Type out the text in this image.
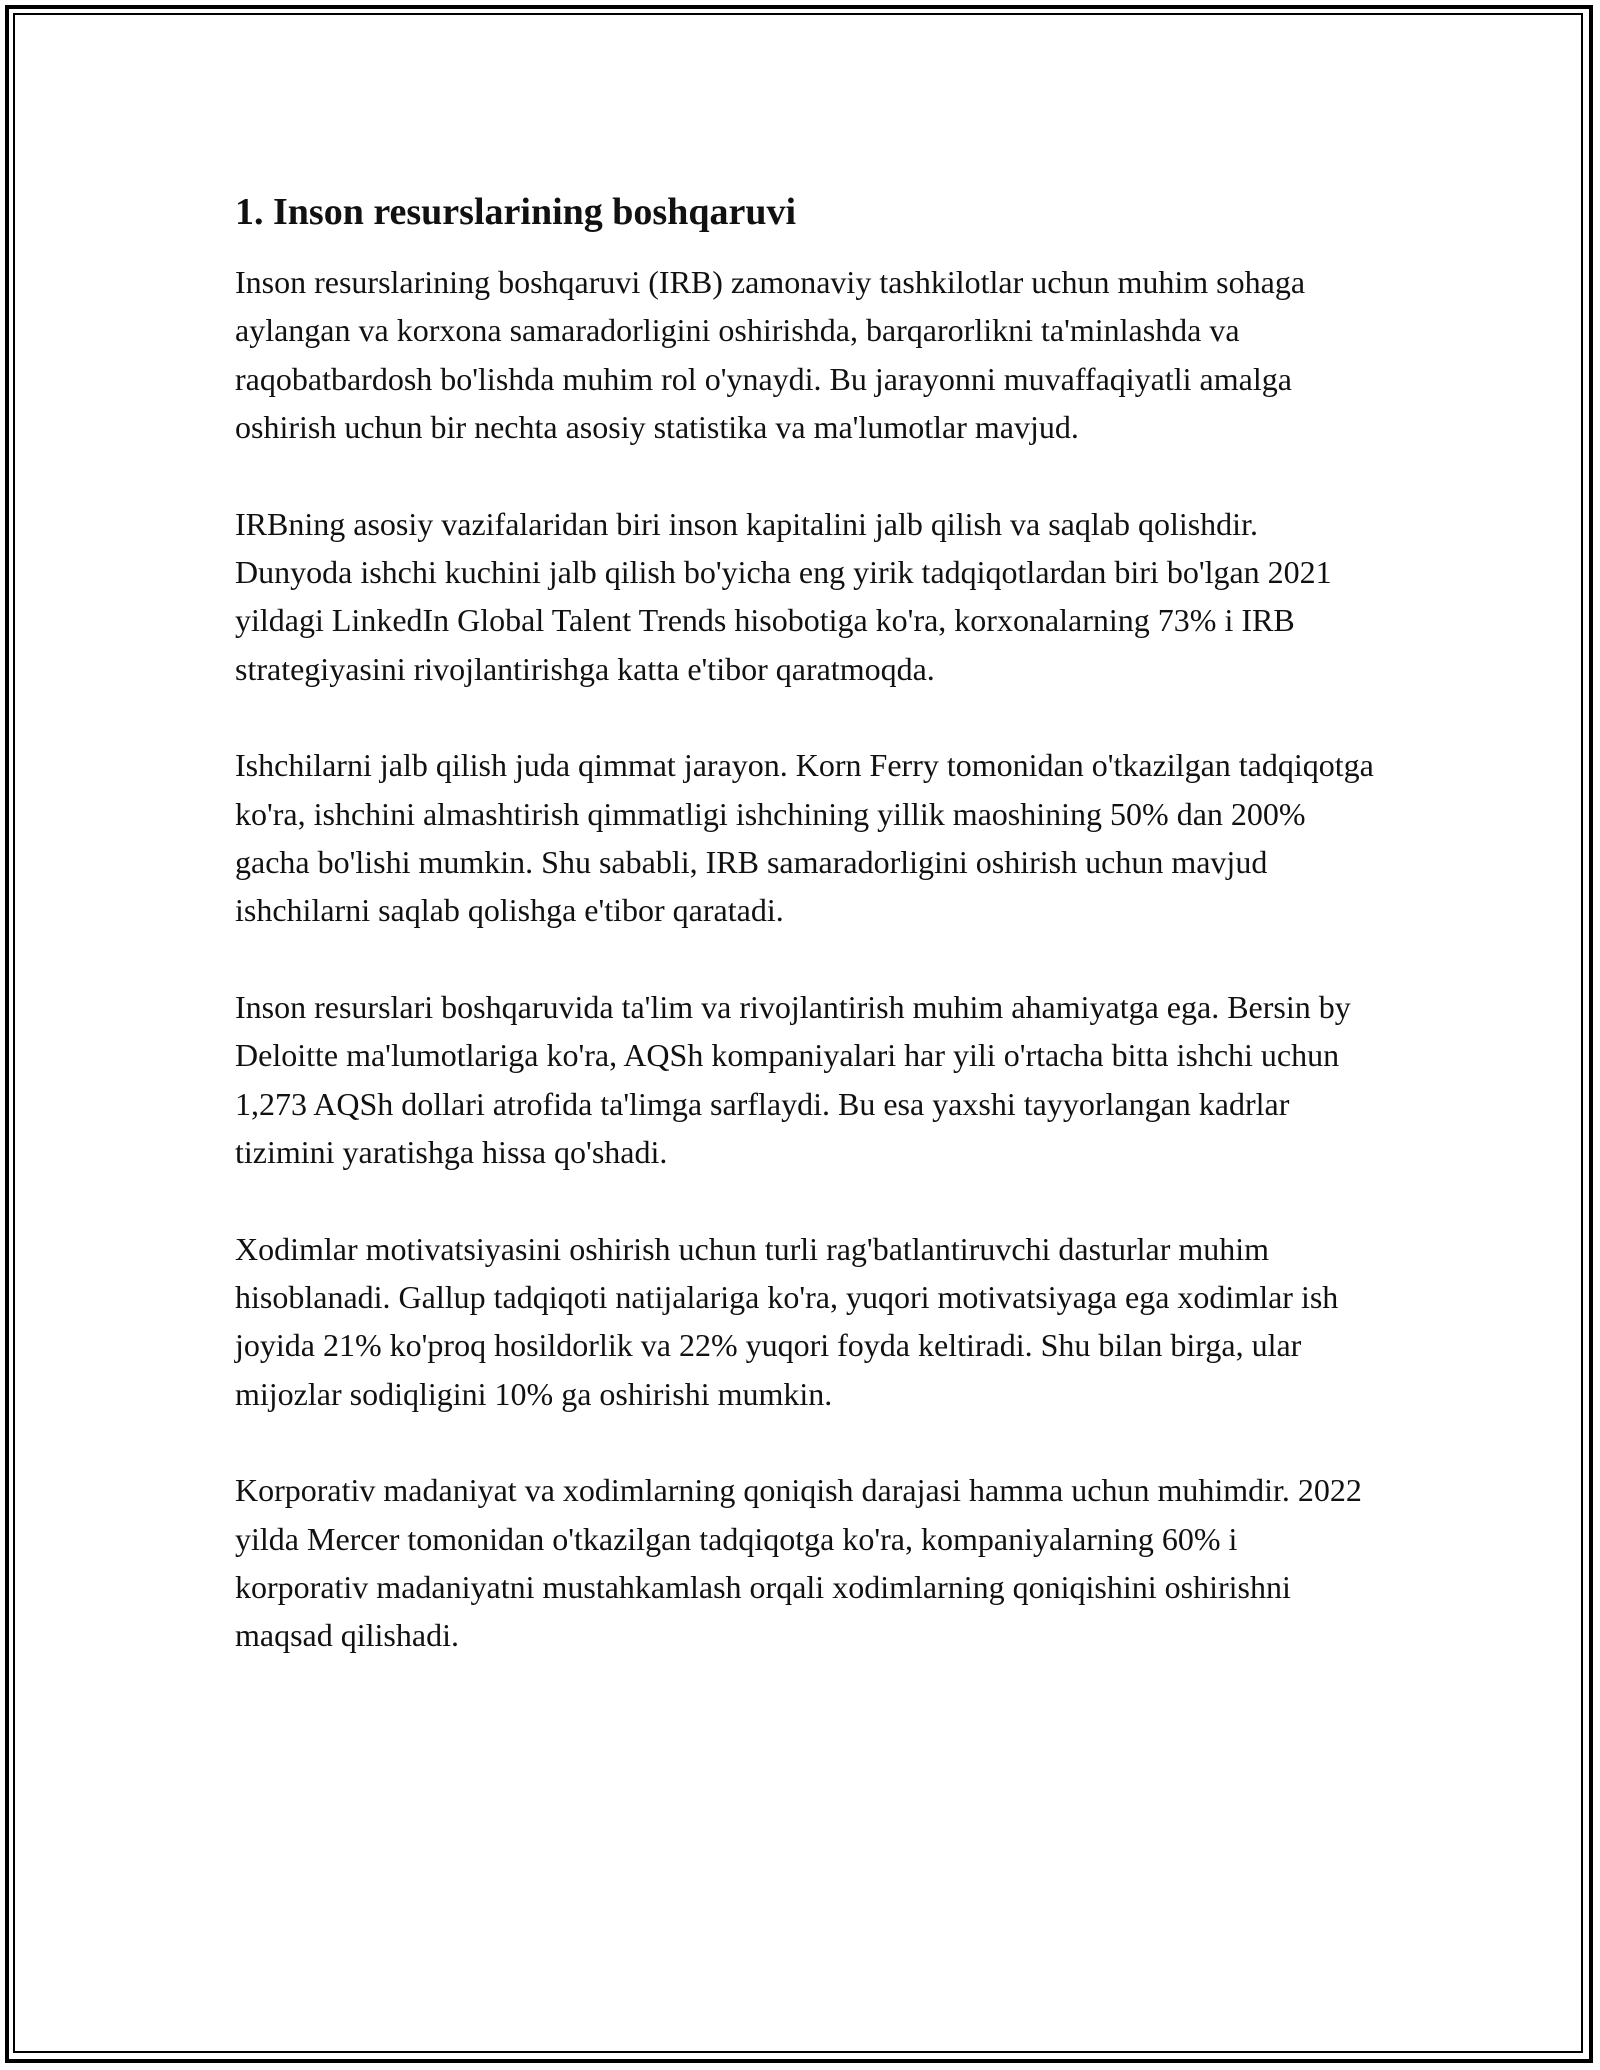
1. Inson resurslarining boshqaruvi

Inson resurslarining boshqaruvi (IRB) zamonaviy tashkilotlar uchun muhim sohaga aylangan va korxona samaradorligini oshirishda, barqarorlikni ta'minlashda va raqobatbardosh bo'lishda muhim rol o'ynaydi. Bu jarayonni muvaffaqiyatli amalga oshirish uchun bir nechta asosiy statistika va ma'lumotlar mavjud.

IRBning asosiy vazifalaridan biri inson kapitalini jalb qilish va saqlab qolishdir. Dunyoda ishchi kuchini jalb qilish bo'yicha eng yirik tadqiqotlardan biri bo'lgan 2021 yildagi LinkedIn Global Talent Trends hisobotiga ko'ra, korxonalarning 73% i IRB strategiyasini rivojlantirishga katta e'tibor qaratmoqda.

Ishchilarni jalb qilish juda qimmat jarayon. Korn Ferry tomonidan o'tkazilgan tadqiqotga ko'ra, ishchini almashtirish qimmatligi ishchining yillik maoshining 50% dan 200% gacha bo'lishi mumkin. Shu sababli, IRB samaradorligini oshirish uchun mavjud ishchilarni saqlab qolishga e'tibor qaratadi.

Inson resurslari boshqaruvida ta'lim va rivojlantirish muhim ahamiyatga ega. Bersin by Deloitte ma'lumotlariga ko'ra, AQSh kompaniyalari har yili o'rtacha bitta ishchi uchun 1,273 AQSh dollari atrofida ta'limga sarflaydi. Bu esa yaxshi tayyorlangan kadrlar tizimini yaratishga hissa qo'shadi.

Xodimlar motivatsiyasini oshirish uchun turli rag'batlantiruvchi dasturlar muhim hisoblanadi. Gallup tadqiqoti natijalariga ko'ra, yuqori motivatsiyaga ega xodimlar ish joyida 21% ko'proq hosildorlik va 22% yuqori foyda keltiradi. Shu bilan birga, ular mijozlar sodiqligini 10% ga oshirishi mumkin.

Korporativ madaniyat va xodimlarning qoniqish darajasi hamma uchun muhimdir. 2022 yilda Mercer tomonidan o'tkazilgan tadqiqotga ko'ra, kompaniyalarning 60% i korporativ madaniyatni mustahkamlash orqali xodimlarning qoniqishini oshirishni maqsad qilishadi.
